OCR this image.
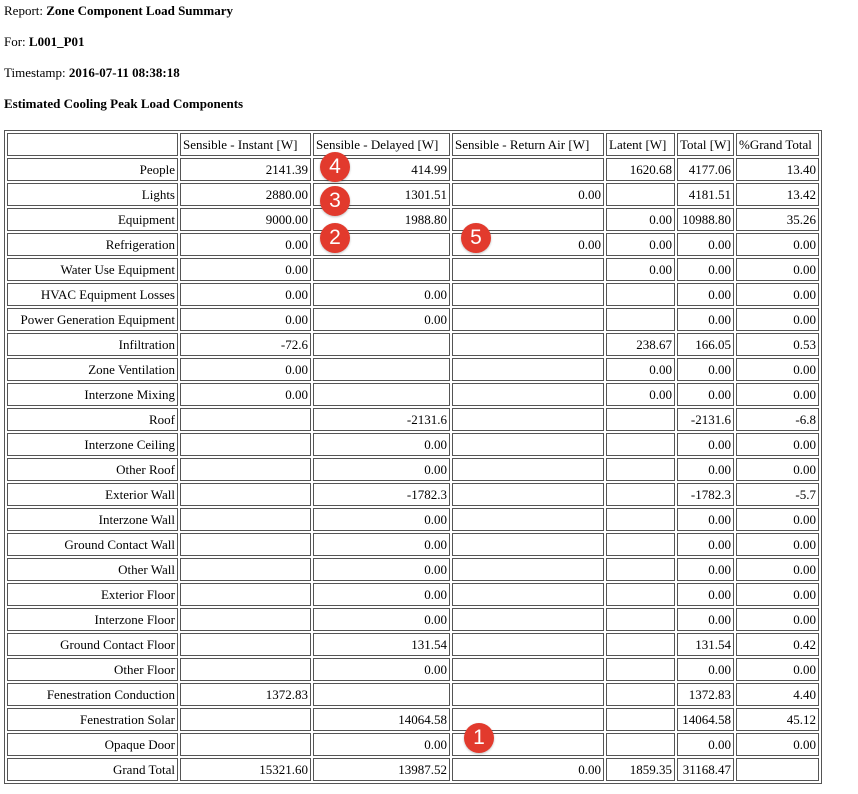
Report: Zone Component Load Summary
For: L001_P01
Timestamp: 2016-07-11 08:38:18
Estimated Cooling Peak Load Components
	Sensible - Instant [W]	Sensible - Delayed [W]	Sensible - Return Air [W]	Latent [W]	Total [W]	%Grand Total
People	2141.39	414.99		1620.68	4177.06	13.40
Lights	2880.00	1301.51	0.00		4181.51	13.42
Equipment	9000.00	1988.80		0.00	10988.80	35.26
Refrigeration	0.00		0.00	0.00	0.00	0.00
Water Use Equipment	0.00			0.00	0.00	0.00
HVAC Equipment Losses	0.00	0.00			0.00	0.00
Power Generation Equipment	0.00	0.00			0.00	0.00
Infiltration	-72.6			238.67	166.05	0.53
Zone Ventilation	0.00			0.00	0.00	0.00
Interzone Mixing	0.00			0.00	0.00	0.00
Roof		-2131.6			-2131.6	-6.8
Interzone Ceiling		0.00			0.00	0.00
Other Roof		0.00			0.00	0.00
Exterior Wall		-1782.3			-1782.3	-5.7
Interzone Wall		0.00			0.00	0.00
Ground Contact Wall		0.00			0.00	0.00
Other Wall		0.00			0.00	0.00
Exterior Floor		0.00			0.00	0.00
Interzone Floor		0.00			0.00	0.00
Ground Contact Floor		131.54			131.54	0.42
Other Floor		0.00			0.00	0.00
Fenestration Conduction	1372.83				1372.83	4.40
Fenestration Solar		14064.58			14064.58	45.12
Opaque Door		0.00			0.00	0.00
Grand Total	15321.60	13987.52	0.00	1859.35	31168.47	
1
2
3
4
5
